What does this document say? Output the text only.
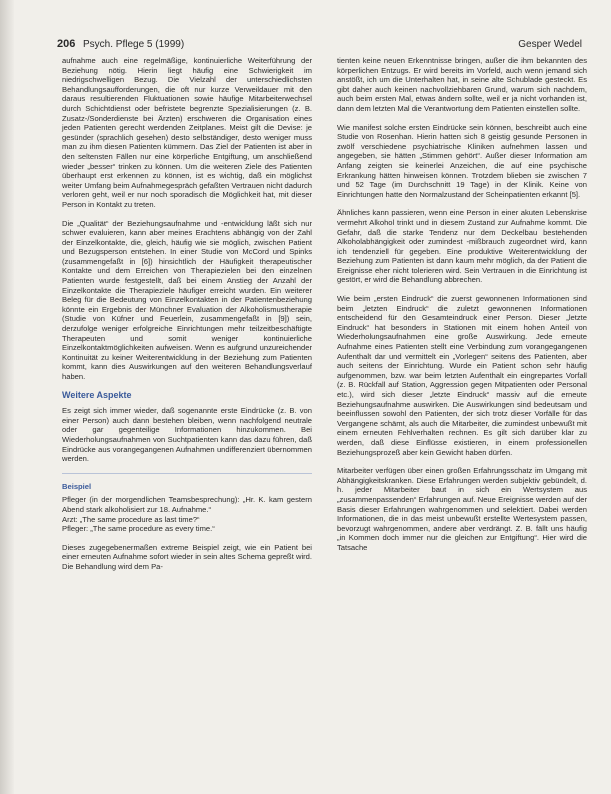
206 Psych. Pflege 5 (1999)	Gesper Wedel

aufnahme auch eine regelmäßige, kontinuierliche Weiterführung der Beziehung nötig. Hierin liegt häufig eine Schwierigkeit im niedrigschwelligen Bezug. Die Vielzahl der unterschiedlichsten Behandlungsaufforderungen, die oft nur kurze Verweildauer mit den daraus resultierenden Fluktuationen sowie häufige Mitarbeiterwechsel durch Schichtdienst oder befristete begrenzte Spezialisierungen (z. B. Zusatz-/Sonderdienste bei Ärzten) erschweren die Organisation eines jeden Patienten gerecht werdenden Zeitplanes. Meist gilt die Devise: je gesünder (sprachlich gesehen) desto selbständiger, desto weniger muss man zu ihm diesen Patienten kümmern. Das Ziel der Patienten ist aber in den seltensten Fällen nur eine körperliche Entgiftung, um anschließend wieder „besser“ trinken zu können. Um die weiteren Ziele des Patienten überhaupt erst erkennen zu können, ist es wichtig, daß ein möglichst weiter Umfang beim Aufnahmegespräch gefaßten Vertrauen nicht dadurch verloren geht, weil er nur noch sporadisch die Möglichkeit hat, mit dieser Person in Kontakt zu treten.

Die „Qualität“ der Beziehungsaufnahme und -entwicklung läßt sich nur schwer evaluieren, kann aber meines Erachtens abhängig von der Zahl der Einzelkontakte, die, gleich, häufig wie sie möglich, zwischen Patient und Bezugsperson entstehen. In einer Studie von McCord und Spinks (zusammengefaßt in [6]) hinsichtlich der Häufigkeit therapeutischer Kontakte und dem Erreichen von Therapiezielen bei den einzelnen Patienten wurde festgestellt, daß bei einem Anstieg der Anzahl der Einzelkontakte die Therapieziele häufiger erreicht wurden. Ein weiterer Beleg für die Bedeutung von Einzelkontakten in der Patientenbeziehung könnte ein Ergebnis der Münchner Evaluation der Alkoholismustherapie (Studie von Küfner und Feuerlein, zusammengefaßt in [9]) sein, derzufolge weniger erfolgreiche Einrichtungen mehr teilzeitbeschäftigte Therapeuten und somit weniger kontinuierliche Einzelkontaktmöglichkeiten aufweisen. Wenn es aufgrund unzureichender Kontinuität zu keiner Weiterentwicklung in der Beziehung zum Patienten kommt, kann dies Auswirkungen auf den weiteren Behandlungsverlauf haben.

Weitere Aspekte

Es zeigt sich immer wieder, daß sogenannte erste Eindrücke (z. B. von einer Person) auch dann bestehen bleiben, wenn nachfolgend neutrale oder gar gegenteilige Informationen hinzukommen. Bei Wiederholungsaufnahmen von Suchtpatienten kann das dazu führen, daß Eindrücke aus vorangegangenen Aufnahmen undifferenziert übernommen werden.

Beispiel
Pfleger (in der morgendlichen Teamsbesprechung): „Hr. K. kam gestern Abend stark alkoholisiert zur 18. Aufnahme.“
Arzt: „The same procedure as last time?“
Pfleger: „The same procedure as every time.“

Dieses zugegebenermaßen extreme Beispiel zeigt, wie ein Patient bei einer erneuten Aufnahme sofort wieder in sein altes Schema gepreßt wird. Die Behandlung wird dem Pa-

tienten keine neuen Erkenntnisse bringen, außer die ihm bekannten des körperlichen Entzugs. Er wird bereits im Vorfeld, auch wenn jemand sich anstößt, ich um die Unterhalten hat, in seine alte Schublade gesteckt. Es gibt daher auch keinen nachvollziehbaren Grund, warum sich nachdem, auch beim ersten Mal, etwas ändern sollte, weil er ja nicht vorhanden ist, dann dem letzten Mal die Verantwortung dem Patienten einstellen sollte.

Wie manifest solche ersten Eindrücke sein können, beschreibt auch eine Studie von Rosenhan. Hierin hatten sich 8 geistig gesunde Personen in zwölf verschiedene psychiatrische Kliniken aufnehmen lassen und angegeben, sie hätten „Stimmen gehört“. Außer dieser Information am Anfang zeigten sie keinerlei Anzeichen, die auf eine psychische Erkrankung hätten hinweisen können. Trotzdem blieben sie zwischen 7 und 52 Tage (im Durchschnitt 19 Tage) in der Klinik. Keine von Einrichtungen hatte den Normalzustand der Scheinpatienten erkannt [5].

Ähnliches kann passieren, wenn eine Person in einer akuten Lebenskrise vermehrt Alkohol trinkt und in diesem Zustand zur Aufnahme kommt. Die Gefahr, daß die starke Tendenz nur dem Deckelbau bestehenden Alkoholabhängigkeit oder zumindest -mißbrauch zugeordnet wird, kann ich tendenziell für gegeben. Eine produktive Weiterentwicklung der Beziehung zum Patienten ist dann kaum mehr möglich, da der Patient die Ereignisse eher nicht tolerieren wird. Sein Vertrauen in die Einrichtung ist gestört, er wird die Behandlung abbrechen.

Wie beim „ersten Eindruck“ die zuerst gewonnenen Informationen sind beim „letzten Eindruck“ die zuletzt gewonnenen Informationen entscheidend für den Gesamteindruck einer Person. Dieser „letzte Eindruck“ hat besonders in Stationen mit einem hohen Anteil von Wiederholungsaufnahmen eine große Auswirkung. Jede erneute Aufnahme eines Patienten stellt eine Verbindung zum vorangegangenen Aufenthalt dar und vermittelt ein „Vorlegen“ seitens des Patienten, aber auch seitens der Einrichtung. Wurde ein Patient schon sehr häufig aufgenommen, bzw. war beim letzten Aufenthalt ein eingrepartes Vorfall (z. B. Rückfall auf Station, Aggression gegen Mitpatienten oder Personal etc.), wird sich dieser „letzte Eindruck“ massiv auf die erneute Beziehungsaufnahme auswirken. Die Auswirkungen sind bedeutsam und beeinflussen sowohl den Patienten, der sich trotz dieser Vorfälle für das Vergangene schämt, als auch die Mitarbeiter, die zumindest unbewußt mit einem erneuten Fehlverhalten rechnen. Es gilt sich darüber klar zu werden, daß diese Einflüsse existieren, in einem professionellen Beziehungsprozeß aber kein Gewicht haben dürfen.

Mitarbeiter verfügen über einen großen Erfahrungsschatz im Umgang mit Abhängigkeitskranken. Diese Erfahrungen werden subjektiv gebündelt, d. h. jeder Mitarbeiter baut in sich ein Wertsystem aus „zusammenpassenden“ Erfahrungen auf. Neue Ereignisse werden auf der Basis dieser Erfahrungen wahrgenommen und selektiert. Dabei werden Informationen, die in das meist unbewußt erstellte Wertesystem passen, bevorzugt wahrgenommen, andere aber verdrängt. Z. B. fällt uns häufig „in Kommen doch immer nur die gleichen zur Entgiftung“. Hier wird die Tatsache
